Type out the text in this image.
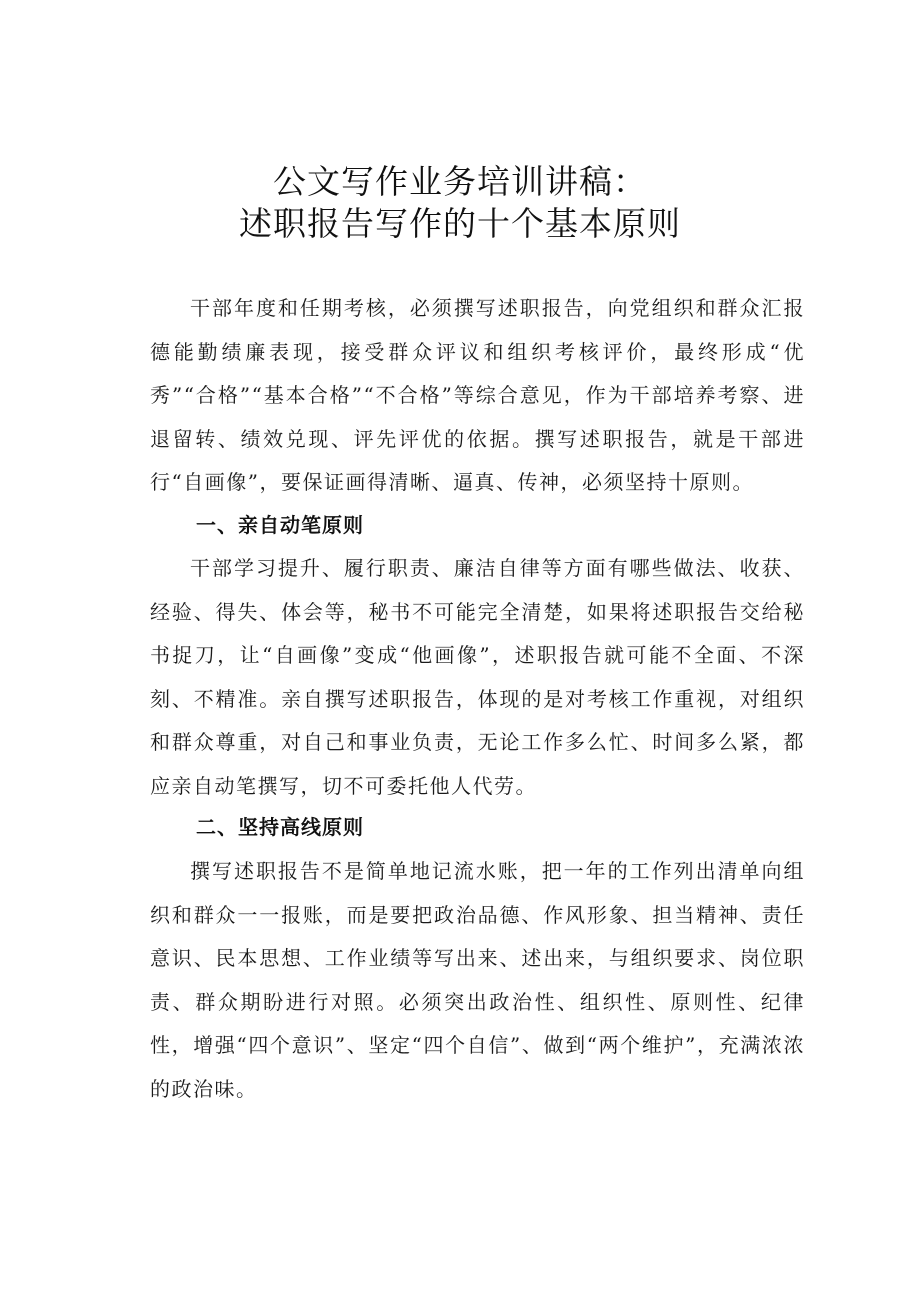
公文写作业务培训讲稿：
述职报告写作的十个基本原则

干部年度和任期考核，必须撰写述职报告，向党组织和群众汇报德能勤绩廉表现，接受群众评议和组织考核评价，最终形成“优秀”“合格”“基本合格”“不合格”等综合意见，作为干部培养考察、进退留转、绩效兑现、评先评优的依据。撰写述职报告，就是干部进行“自画像”，要保证画得清晰、逼真、传神，必须坚持十原则。

一、亲自动笔原则

干部学习提升、履行职责、廉洁自律等方面有哪些做法、收获、经验、得失、体会等，秘书不可能完全清楚，如果将述职报告交给秘书捉刀，让“自画像”变成“他画像”，述职报告就可能不全面、不深刻、不精准。亲自撰写述职报告，体现的是对考核工作重视，对组织和群众尊重，对自己和事业负责，无论工作多么忙、时间多么紧，都应亲自动笔撰写，切不可委托他人代劳。

二、坚持高线原则

撰写述职报告不是简单地记流水账，把一年的工作列出清单向组织和群众一一报账，而是要把政治品德、作风形象、担当精神、责任意识、民本思想、工作业绩等写出来、述出来，与组织要求、岗位职责、群众期盼进行对照。必须突出政治性、组织性、原则性、纪律性，增强“四个意识”、坚定“四个自信”、做到“两个维护”，充满浓浓的政治味。
